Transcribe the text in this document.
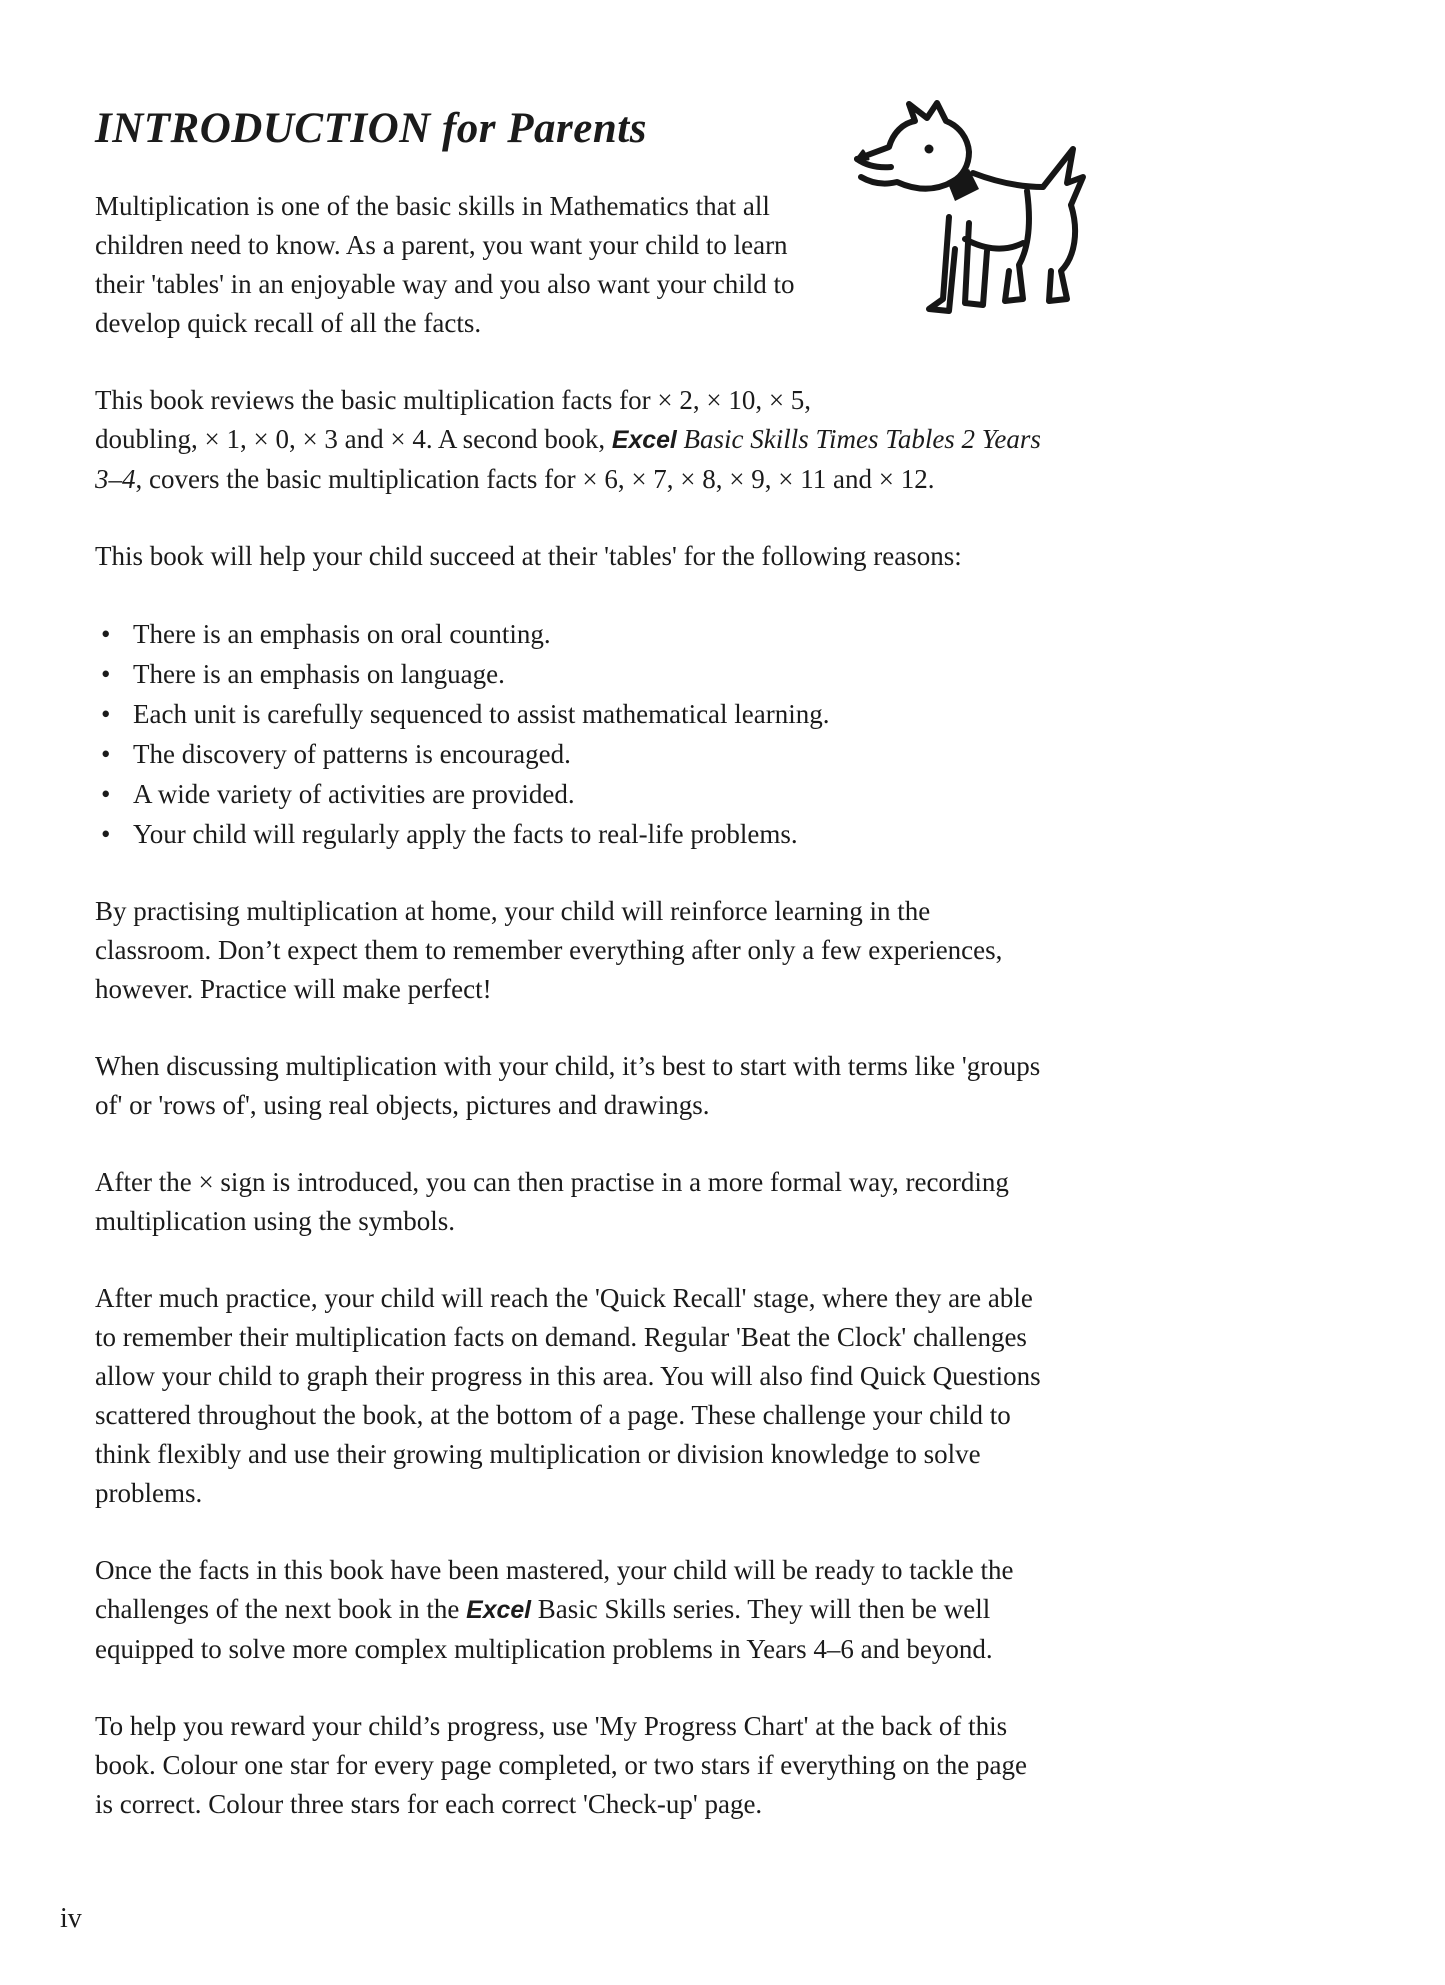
INTRODUCTION for Parents

Multiplication is one of the basic skills in Mathematics that all children need to know. As a parent, you want your child to learn their 'tables' in an enjoyable way and you also want your child to develop quick recall of all the facts.

This book reviews the basic multiplication facts for × 2, × 10, × 5, doubling, × 1, × 0, × 3 and × 4. A second book, Excel Basic Skills Times Tables 2 Years 3–4, covers the basic multiplication facts for × 6, × 7, × 8, × 9, × 11 and × 12.

This book will help your child succeed at their 'tables' for the following reasons:

• There is an emphasis on oral counting.
• There is an emphasis on language.
• Each unit is carefully sequenced to assist mathematical learning.
• The discovery of patterns is encouraged.
• A wide variety of activities are provided.
• Your child will regularly apply the facts to real-life problems.

By practising multiplication at home, your child will reinforce learning in the classroom. Don’t expect them to remember everything after only a few experiences, however. Practice will make perfect!

When discussing multiplication with your child, it’s best to start with terms like 'groups of' or 'rows of', using real objects, pictures and drawings.

After the × sign is introduced, you can then practise in a more formal way, recording multiplication using the symbols.

After much practice, your child will reach the 'Quick Recall' stage, where they are able to remember their multiplication facts on demand. Regular 'Beat the Clock' challenges allow your child to graph their progress in this area. You will also find Quick Questions scattered throughout the book, at the bottom of a page. These challenge your child to think flexibly and use their growing multiplication or division knowledge to solve problems.

Once the facts in this book have been mastered, your child will be ready to tackle the challenges of the next book in the Excel Basic Skills series. They will then be well equipped to solve more complex multiplication problems in Years 4–6 and beyond.

To help you reward your child’s progress, use 'My Progress Chart' at the back of this book. Colour one star for every page completed, or two stars if everything on the page is correct. Colour three stars for each correct 'Check-up' page.

iv
